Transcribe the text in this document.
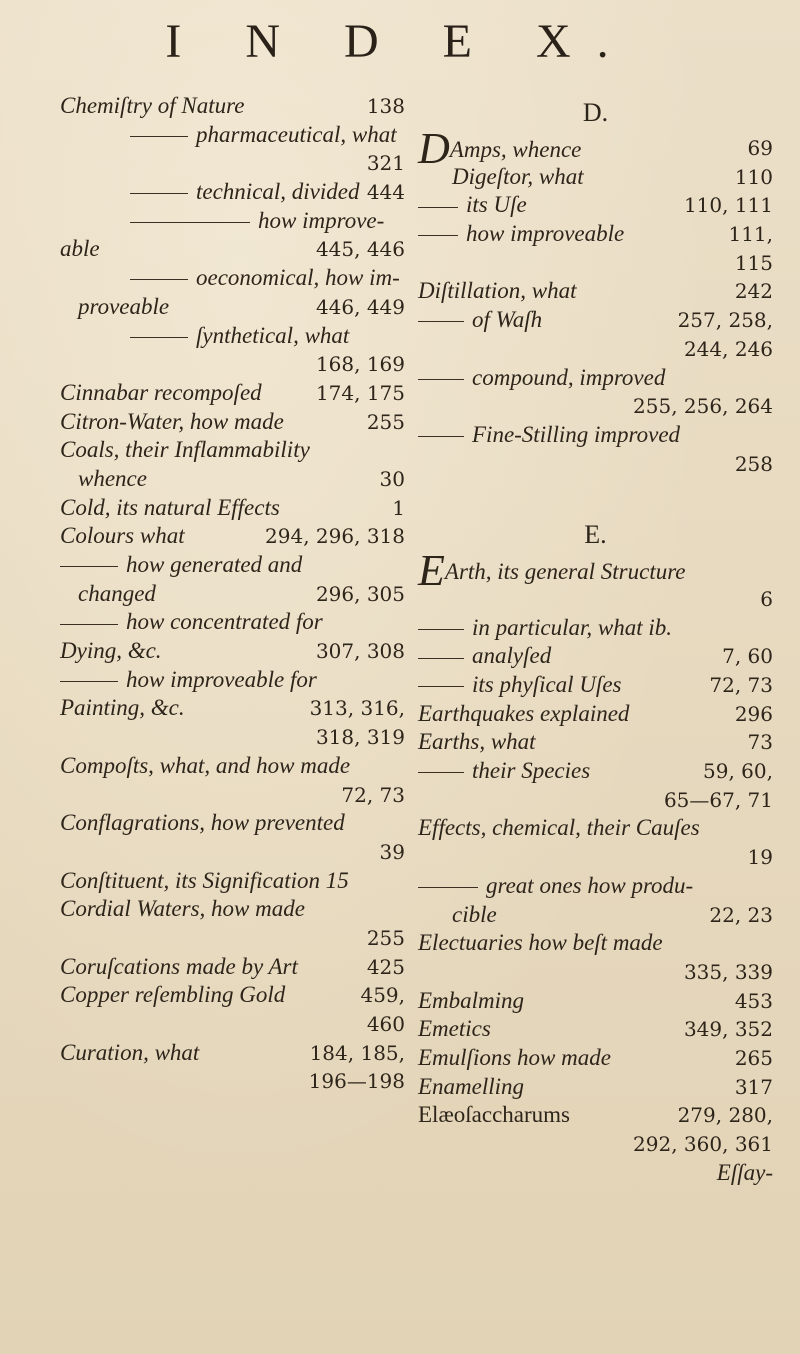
I N D E X.
Chemiſtry of Nature	138
pharmaceutical, what
321
technical, divided 444
how improve-
able	445, 446
oeconomical, how im-
proveable	446, 449
ſynthetical, what
168, 169
Cinnabar recompoſed	174, 175
Citron-Water, how made	255
Coals, their Inflammability
whence	30
Cold, its natural Effects	1
Colours what	294, 296, 318
how generated and
changed	296, 305
how concentrated for
Dying, &c.	307, 308
how improveable for
Painting, &c.	313, 316,
318, 319
Compoſts, what, and how made
72, 73
Conflagrations, how prevented
39
Conſtituent, its Signification 15
Cordial Waters, how made
255
Coruſcations made by Art	425
Copper reſembling Gold	459,
460
Curation, what	184, 185,
196—198
D.
DAmps, whence	69
Digeſtor, what	110
its Uſe	110, 111
how improveable	111,
115
Diſtillation, what	242
of Waſh	257, 258,
244, 246
compound, improved
255, 256, 264
Fine-Stilling improved
258
E.
EArth, its general Structure
6
in particular, what ib.
analyſed	7, 60
its phyſical Uſes	72, 73
Earthquakes explained	296
Earths, what	73
their Species	59, 60,
65—67, 71
Effects, chemical, their Cauſes
19
great ones how produ-
cible	22, 23
Electuaries how beſt made
335, 339
Embalming	453
Emetics	349, 352
Emulſions how made	265
Enamelling	317
Elæoſaccharums	279, 280,
292, 360, 361
Eſſay-
